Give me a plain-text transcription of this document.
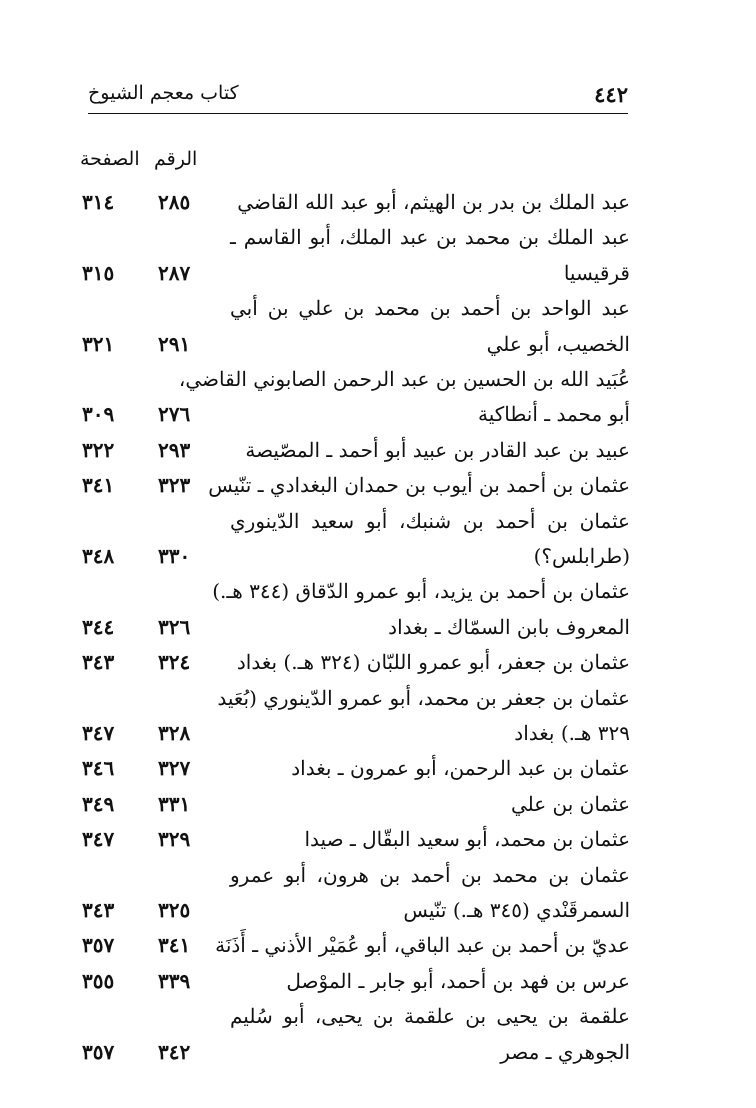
كتاب معجم الشيوخ	٤٤٢
الرقم
الصفحة
عبد الملك بن بدر بن الهيثم، أبو عبد الله القاضي
٢٨٥
٣١٤
عبد الملك بن محمد بن عبد الملك، أبو القاسم ـ
قرقيسيا
٢٨٧
٣١٥
عبد الواحد بن أحمد بن محمد بن علي بن أبي
الخصيب، أبو علي
٢٩١
٣٢١
عُبَيد الله بن الحسين بن عبد الرحمن الصابوني القاضي،
أبو محمد ـ أنطاكية
٢٧٦
٣٠٩
عبيد بن عبد القادر بن عبيد أبو أحمد ـ المصّيصة
٢٩٣
٣٢٢
عثمان بن أحمد بن أيوب بن حمدان البغدادي ـ تنّيس
٣٢٣
٣٤١
عثمان بن أحمد بن شنبك، أبو سعيد الدّينوري
(طرابلس؟)
٣٣٠
٣٤٨
عثمان بن أحمد بن يزيد، أبو عمرو الدّقاق (٣٤٤ هـ.)
المعروف بابن السمّاك ـ بغداد
٣٢٦
٣٤٤
عثمان بن جعفر، أبو عمرو اللبّان (٣٢٤ هـ.) بغداد
٣٢٤
٣٤٣
عثمان بن جعفر بن محمد، أبو عمرو الدّينوري (بُعَيد
٣٢٩ هـ.) بغداد
٣٢٨
٣٤٧
عثمان بن عبد الرحمن، أبو عمرون ـ بغداد
٣٢٧
٣٤٦
عثمان بن علي
٣٣١
٣٤٩
عثمان بن محمد، أبو سعيد البقّال ـ صيدا
٣٢٩
٣٤٧
عثمان بن محمد بن أحمد بن هرون، أبو عمرو
السمرقَنْدي (٣٤٥ هـ.) تنّيس
٣٢٥
٣٤٣
عديّ بن أحمد بن عبد الباقي، أبو عُمَيْر الأذني ـ أَذَنَة
٣٤١
٣٥٧
عرس بن فهد بن أحمد، أبو جابر ـ الموْصل
٣٣٩
٣٥٥
علقمة بن يحيى بن علقمة بن يحيى، أبو سُليم
الجوهري ـ مصر
٣٤٢
٣٥٧
